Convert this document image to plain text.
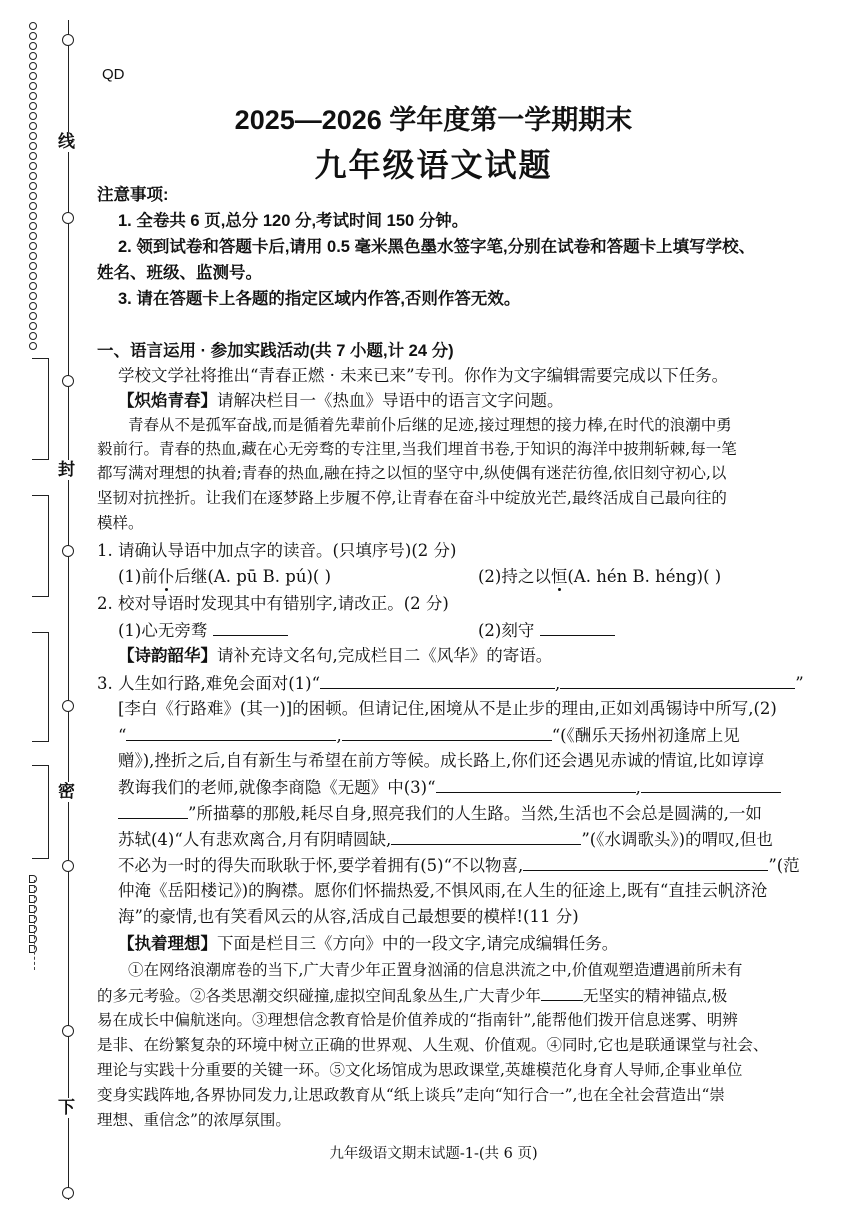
线
封
密
下
QD
2025—2026 学年度第一学期期末
九年级语文试题
注意事项:
1. 全卷共 6 页,总分 120 分,考试时间 150 分钟。
2. 领到试卷和答题卡后,请用 0.5 毫米黑色墨水签字笔,分别在试卷和答题卡上填写学校、
姓名、班级、监测号。
3. 请在答题卡上各题的指定区域内作答,否则作答无效。
一、语言运用 · 参加实践活动(共 7 小题,计 24 分)
学校文学社将推出“青春正燃 · 未来已来”专刊。你作为文字编辑需要完成以下任务。
【炽焰青春】请解决栏目一《热血》导语中的语言文字问题。
青春从不是孤军奋战,而是循着先辈前仆后继的足迹,接过理想的接力棒,在时代的浪潮中勇
毅前行。青春的热血,藏在心无旁骛的专注里,当我们埋首书卷,于知识的海洋中披荆斩棘,每一笔
都写满对理想的执着;青春的热血,融在持之以恒的坚守中,纵使偶有迷茫彷徨,依旧刻守初心,以
坚韧对抗挫折。让我们在逐梦路上步履不停,让青春在奋斗中绽放光芒,最终活成自己最向往的
模样。
1. 请确认导语中加点字的读音。(只填序号)(2 分)
(1)前仆后继(A. pū B. pú)( )	(2)持之以恒(A. hén B. héng)( )
2. 校对导语时发现其中有错别字,请改正。(2 分)
(1)心无旁骛	(2)刻守
【诗韵韶华】请补充诗文名句,完成栏目二《风华》的寄语。
3. 人生如行路,难免会面对(1)“	,	”
[李白《行路难》(其一)]的困顿。但请记住,困境从不是止步的理由,正如刘禹锡诗中所写,(2)
“	,	“(《酬乐天扬州初逢席上见
赠》),挫折之后,自有新生与希望在前方等候。成长路上,你们还会遇见赤诚的情谊,比如谆谆
教诲我们的老师,就像李商隐《无题》中(3)“	,
”所描摹的那般,耗尽自身,照亮我们的人生路。当然,生活也不会总是圆满的,一如
苏轼(4)“人有悲欢离合,月有阴晴圆缺,	”(《水调歌头》)的喟叹,但也
不必为一时的得失而耿耿于怀,要学着拥有(5)“不以物喜,	”(范
仲淹《岳阳楼记》)的胸襟。愿你们怀揣热爱,不惧风雨,在人生的征途上,既有“直挂云帆济沧
海”的豪情,也有笑看风云的从容,活成自己最想要的模样!(11 分)
【执着理想】下面是栏目三《方向》中的一段文字,请完成编辑任务。
①在网络浪潮席卷的当下,广大青少年正置身汹涌的信息洪流之中,价值观塑造遭遇前所未有
的多元考验。②各类思潮交织碰撞,虚拟空间乱象丛生,广大青少年	无坚实的精神锚点,极
易在成长中偏航迷向。③理想信念教育恰是价值养成的“指南针”,能帮他们拨开信息迷雾、明辨
是非、在纷繁复杂的环境中树立正确的世界观、人生观、价值观。④同时,它也是联通课堂与社会、
理论与实践十分重要的关键一环。⑤文化场馆成为思政课堂,英雄模范化身育人导师,企事业单位
变身实践阵地,各界协同发力,让思政教育从“纸上谈兵”走向“知行合一”,也在全社会营造出“崇
理想、重信念”的浓厚氛围。
九年级语文期末试题-1-(共 6 页)
